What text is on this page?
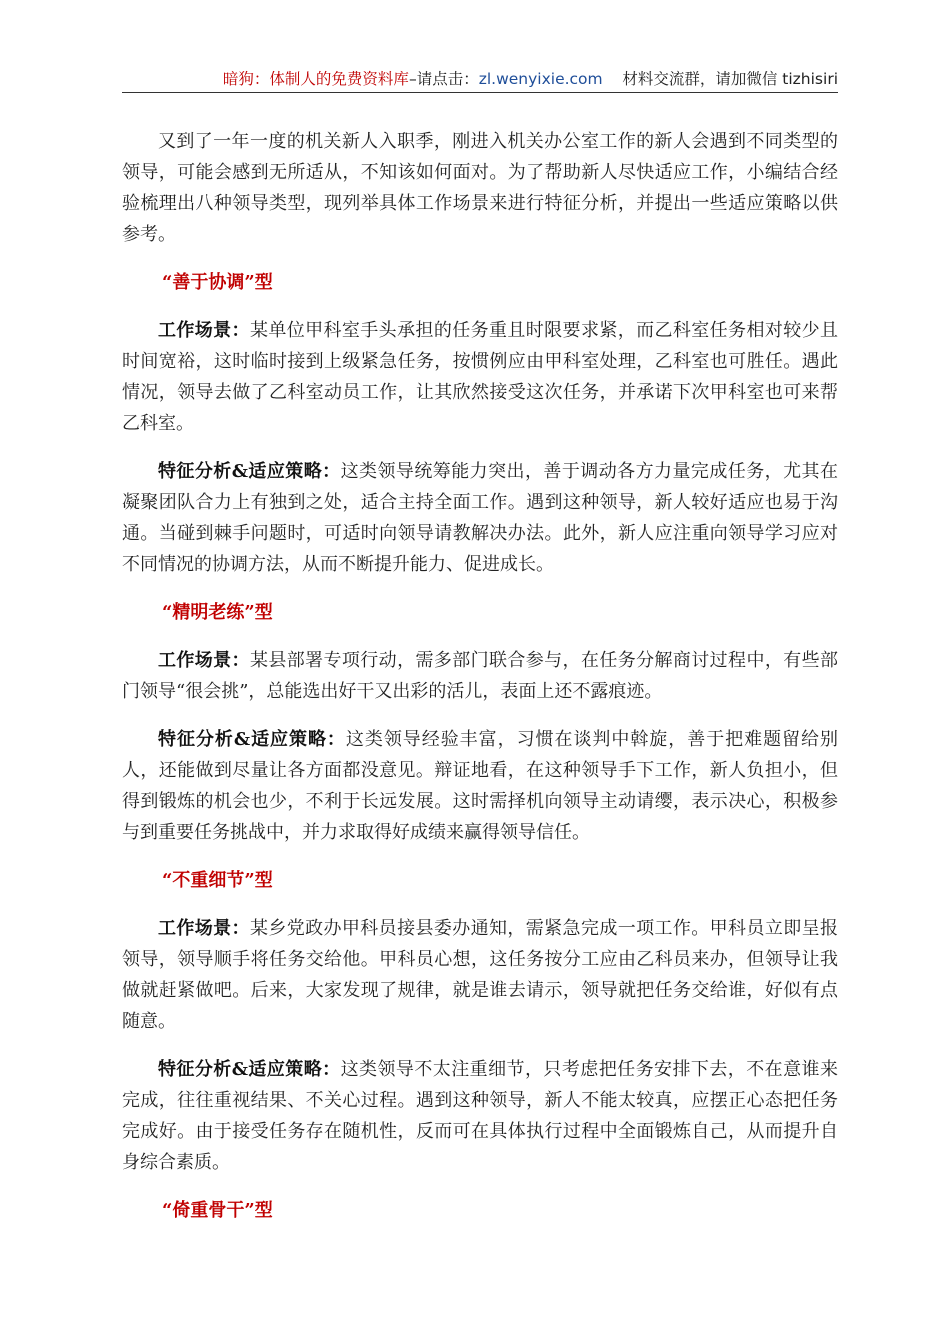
暗狗：体制人的免费资料库–请点击：zl.wenyixie.com 材料交流群，请加微信 tizhisiri

又到了一年一度的机关新人入职季，刚进入机关办公室工作的新人会遇到不同类型的领导，可能会感到无所适从，不知该如何面对。为了帮助新人尽快适应工作，小编结合经验梳理出八种领导类型，现列举具体工作场景来进行特征分析，并提出一些适应策略以供参考。

“善于协调”型

工作场景：某单位甲科室手头承担的任务重且时限要求紧，而乙科室任务相对较少且时间宽裕，这时临时接到上级紧急任务，按惯例应由甲科室处理，乙科室也可胜任。遇此情况，领导去做了乙科室动员工作，让其欣然接受这次任务，并承诺下次甲科室也可来帮乙科室。

特征分析&适应策略：这类领导统筹能力突出，善于调动各方力量完成任务，尤其在凝聚团队合力上有独到之处，适合主持全面工作。遇到这种领导，新人较好适应也易于沟通。当碰到棘手问题时，可适时向领导请教解决办法。此外，新人应注重向领导学习应对不同情况的协调方法，从而不断提升能力、促进成长。

“精明老练”型

工作场景：某县部署专项行动，需多部门联合参与，在任务分解商讨过程中，有些部门领导“很会挑”，总能选出好干又出彩的活儿，表面上还不露痕迹。

特征分析&适应策略：这类领导经验丰富，习惯在谈判中斡旋，善于把难题留给别人，还能做到尽量让各方面都没意见。辩证地看，在这种领导手下工作，新人负担小，但得到锻炼的机会也少，不利于长远发展。这时需择机向领导主动请缨，表示决心，积极参与到重要任务挑战中，并力求取得好成绩来赢得领导信任。

“不重细节”型

工作场景：某乡党政办甲科员接县委办通知，需紧急完成一项工作。甲科员立即呈报领导，领导顺手将任务交给他。甲科员心想，这任务按分工应由乙科员来办，但领导让我做就赶紧做吧。后来，大家发现了规律，就是谁去请示，领导就把任务交给谁，好似有点随意。

特征分析&适应策略：这类领导不太注重细节，只考虑把任务安排下去，不在意谁来完成，往往重视结果、不关心过程。遇到这种领导，新人不能太较真，应摆正心态把任务完成好。由于接受任务存在随机性，反而可在具体执行过程中全面锻炼自己，从而提升自身综合素质。

“倚重骨干”型
